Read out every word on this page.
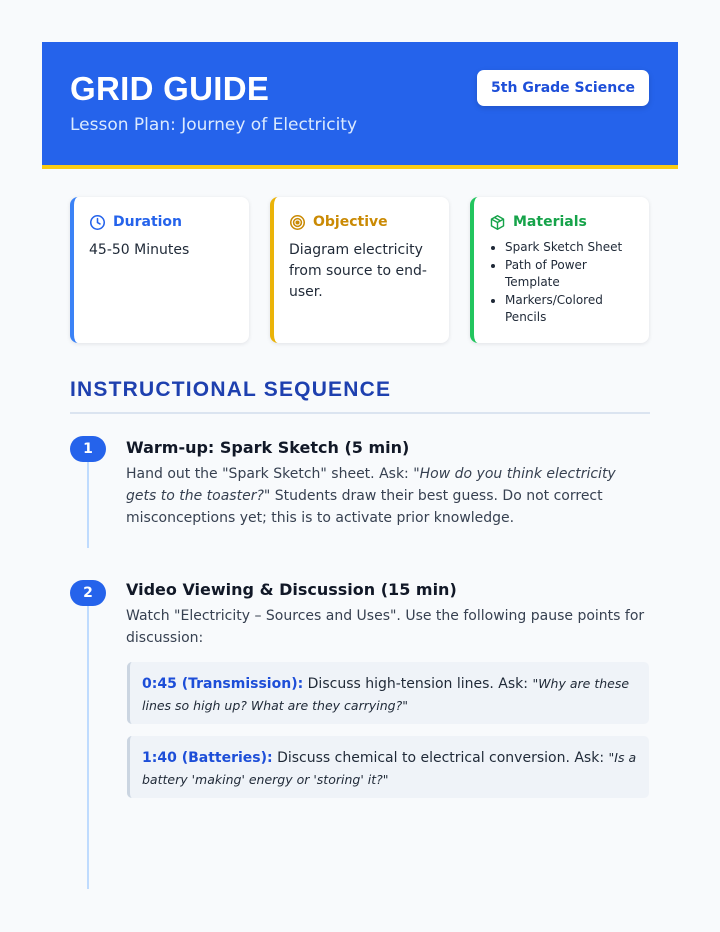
GRID GUIDE
Lesson Plan: Journey of Electricity
5th Grade Science
Duration
45-50 Minutes
Objective
Diagram electricity from source to end-user.
Materials
• Spark Sketch Sheet
• Path of Power Template
• Markers/Colored Pencils
INSTRUCTIONAL SEQUENCE
1	Warm-up: Spark Sketch (5 min)
Hand out the "Spark Sketch" sheet. Ask: "How do you think electricity gets to the toaster?" Students draw their best guess. Do not correct misconceptions yet; this is to activate prior knowledge.
2	Video Viewing & Discussion (15 min)
Watch "Electricity – Sources and Uses". Use the following pause points for discussion:
0:45 (Transmission): Discuss high-tension lines. Ask: "Why are these lines so high up? What are they carrying?"
1:40 (Batteries): Discuss chemical to electrical conversion. Ask: "Is a battery 'making' energy or 'storing' it?"
